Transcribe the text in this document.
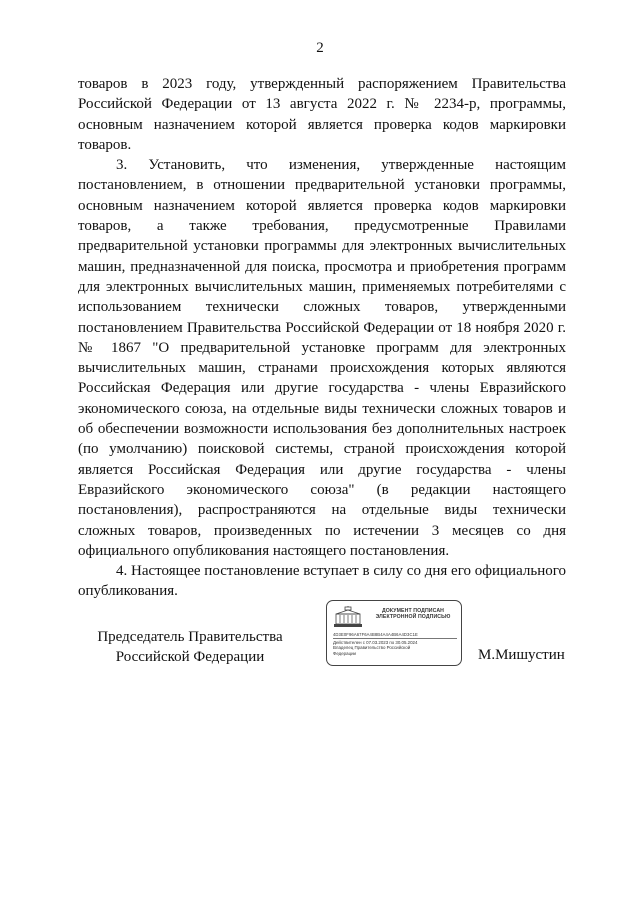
2

товаров в 2023 году, утвержденный распоряжением Правительства Российской Федерации от 13 августа 2022 г. № 2234-р, программы, основным назначением которой является проверка кодов маркировки товаров.

3. Установить, что изменения, утвержденные настоящим постановлением, в отношении предварительной установки программы, основным назначением которой является проверка кодов маркировки товаров, а также требования, предусмотренные Правилами предварительной установки программы для электронных вычислительных машин, предназначенной для поиска, просмотра и приобретения программ для электронных вычислительных машин, применяемых потребителями с использованием технически сложных товаров, утвержденными постановлением Правительства Российской Федерации от 18 ноября 2020 г. № 1867 "О предварительной установке программ для электронных вычислительных машин, странами происхождения которых являются Российская Федерация или другие государства - члены Евразийского экономического союза, на отдельные виды технически сложных товаров и об обеспечении возможности использования без дополнительных настроек (по умолчанию) поисковой системы, страной происхождения которой является Российская Федерация или другие государства - члены Евразийского экономического союза" (в редакции настоящего постановления), распространяются на отдельные виды технически сложных товаров, произведенных по истечении 3 месяцев со дня официального опубликования настоящего постановления.

4. Настоящее постановление вступает в силу со дня его официального опубликования.

Председатель Правительства
Российской Федерации
ДОКУМЕНТ ПОДПИСАН
ЭЛЕКТРОННОЙ ПОДПИСЬЮ
4D3E0F96A67F6A4B8B4A4A4B6A4D3C1E
Действителен с 07.03.2023 по 30.05.2024
Владелец Правительство Российской
Федерации	М.Мишустин
